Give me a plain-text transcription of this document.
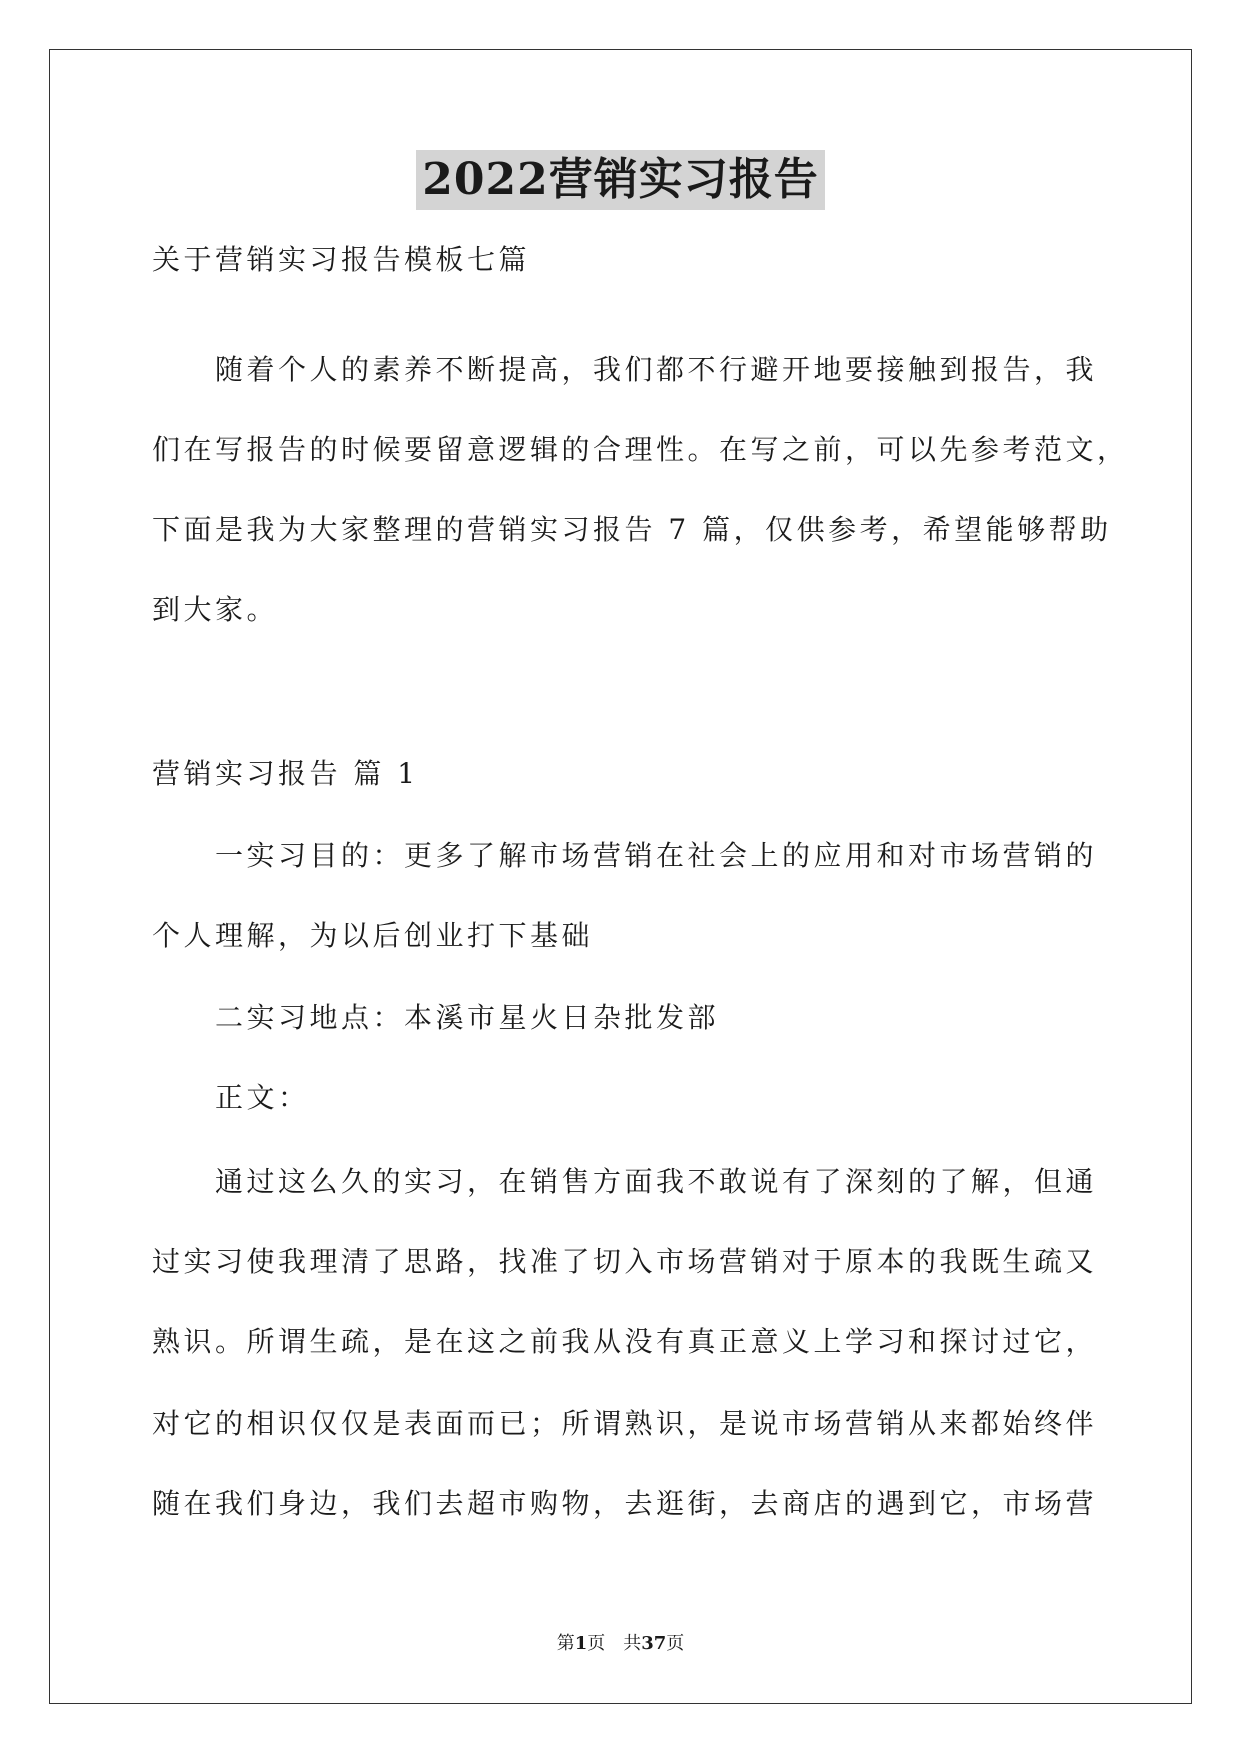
2022营销实习报告
关于营销实习报告模板七篇
　　随着个人的素养不断提高，我们都不行避开地要接触到报告，我
们在写报告的时候要留意逻辑的合理性。在写之前，可以先参考范文，
下面是我为大家整理的营销实习报告 7 篇，仅供参考，希望能够帮助
到大家。
营销实习报告 篇 1
　　一实习目的：更多了解市场营销在社会上的应用和对市场营销的
个人理解，为以后创业打下基础
　　二实习地点：本溪市星火日杂批发部
　　正文：
　　通过这么久的实习，在销售方面我不敢说有了深刻的了解，但通
过实习使我理清了思路，找准了切入市场营销对于原本的我既生疏又
熟识。所谓生疏，是在这之前我从没有真正意义上学习和探讨过它，
对它的相识仅仅是表面而已；所谓熟识，是说市场营销从来都始终伴
随在我们身边，我们去超市购物，去逛街，去商店的遇到它，市场营
第1页　共37页
